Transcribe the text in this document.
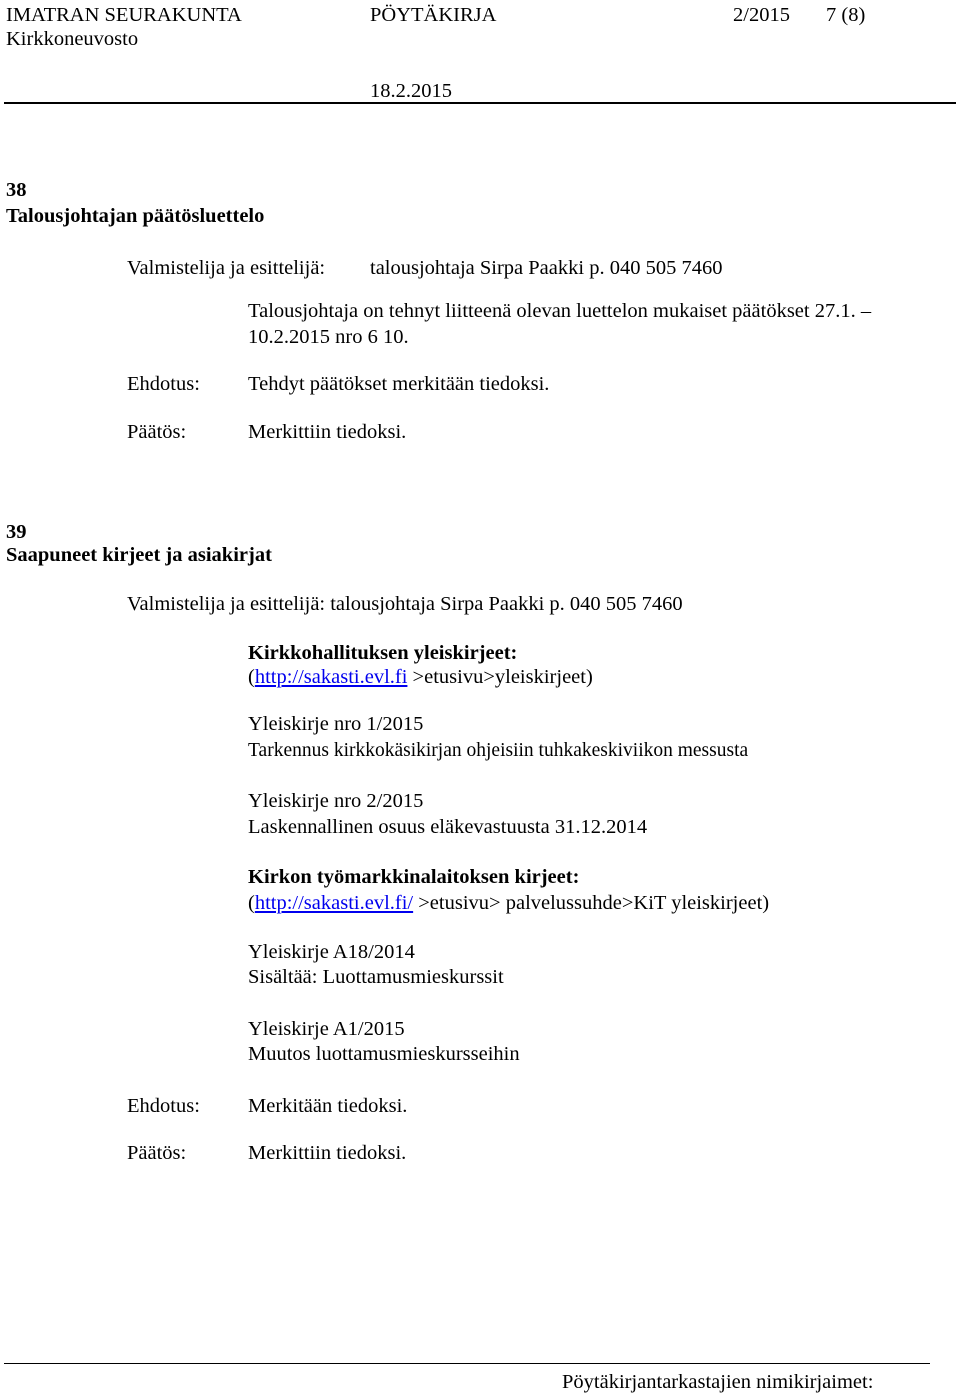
IMATRAN SEURAKUNTA	PÖYTÄKIRJA	2/2015 7 (8)
Kirkkoneuvosto
18.2.2015
38
Talousjohtajan päätösluettelo
Valmistelija ja esittelijä: talousjohtaja Sirpa Paakki p. 040 505 7460
Talousjohtaja on tehnyt liitteenä olevan luettelon mukaiset päätökset 27.1. –
10.2.2015 nro 6 10.
Ehdotus: Tehdyt päätökset merkitään tiedoksi.
Päätös:	Merkittiin tiedoksi.
39
Saapuneet kirjeet ja asiakirjat
Valmistelija ja esittelijä: talousjohtaja Sirpa Paakki p. 040 505 7460
Kirkkohallituksen yleiskirjeet:
(http://sakasti.evl.fi >etusivu>yleiskirjeet)
Yleiskirje nro 1/2015
Tarkennus kirkkokäsikirjan ohjeisiin tuhkakeskiviikon messusta
Yleiskirje nro 2/2015
Laskennallinen osuus eläkevastuusta 31.12.2014
Kirkon työmarkkinalaitoksen kirjeet:
(http://sakasti.evl.fi/ >etusivu> palvelussuhde>KiT yleiskirjeet)
Yleiskirje A18/2014
Sisältää: Luottamusmieskurssit
Yleiskirje A1/2015
Muutos luottamusmieskursseihin
Ehdotus: Merkitään tiedoksi.
Päätös:	Merkittiin tiedoksi.
Pöytäkirjantarkastajien nimikirjaimet:
